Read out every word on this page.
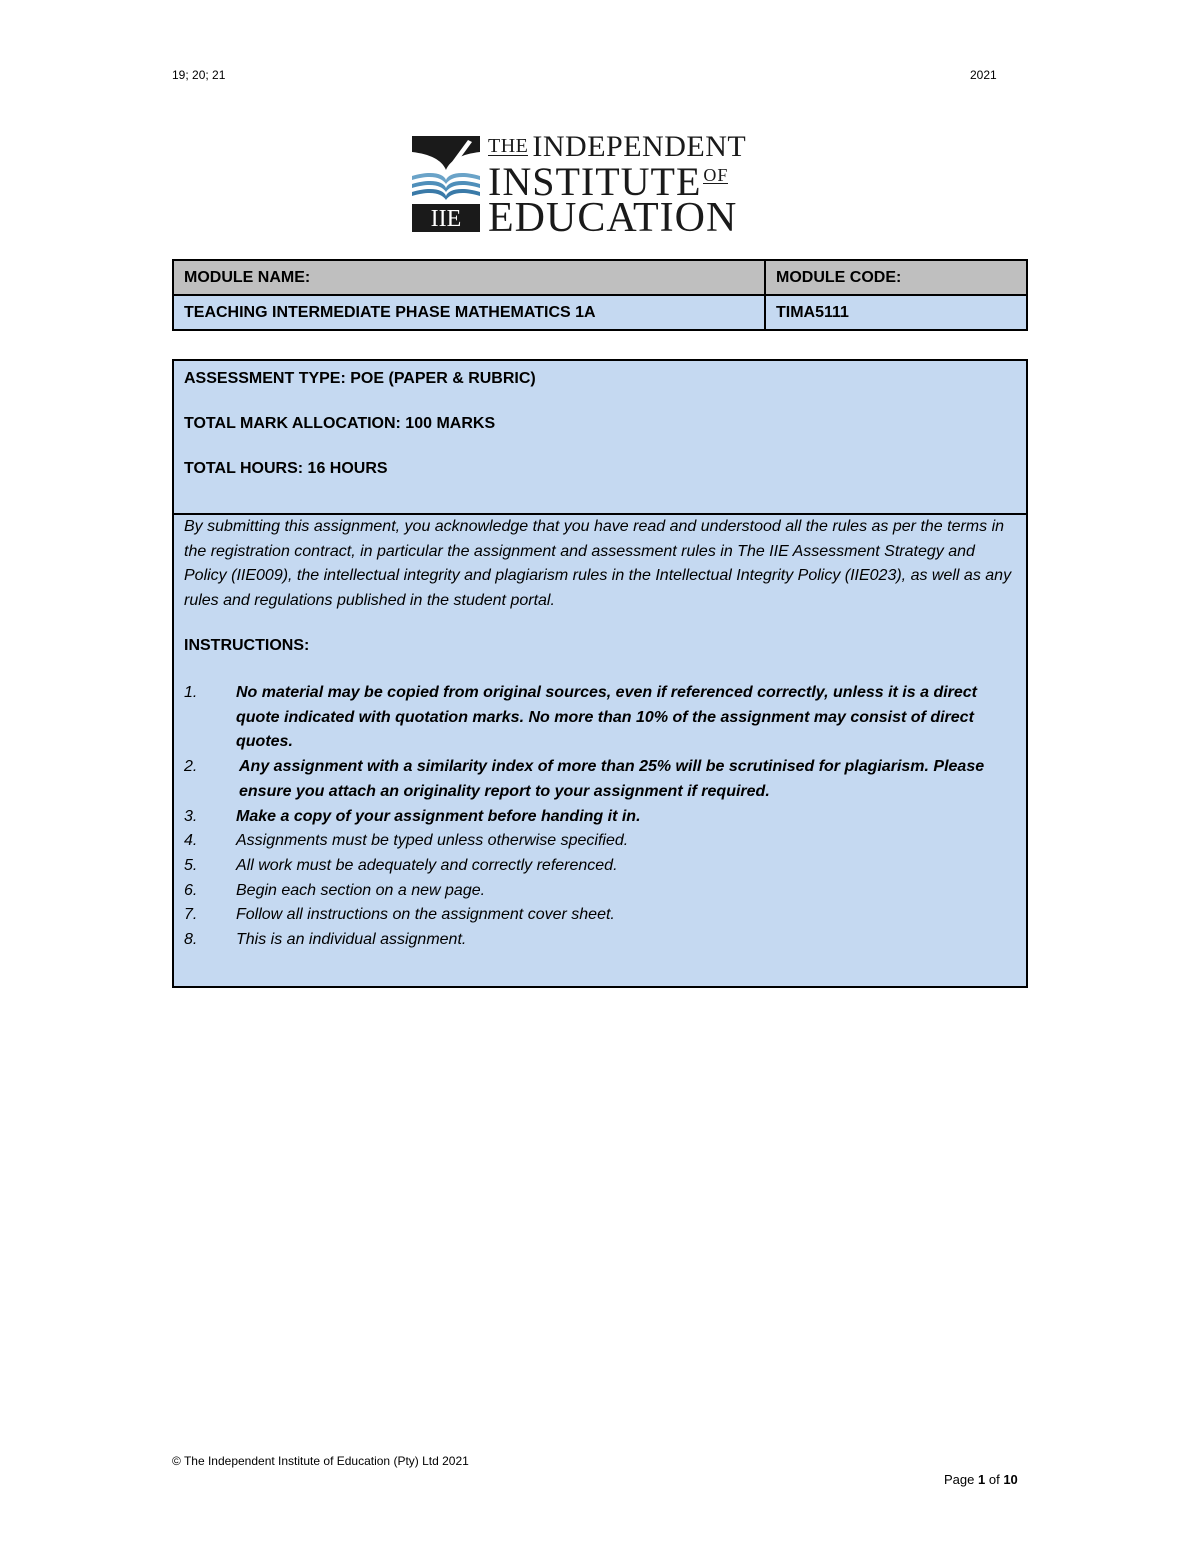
19; 20; 21	2021
IIE
THE INDEPENDENT
INSTITUTE OF
EDUCATION
MODULE NAME:	MODULE CODE:
TEACHING INTERMEDIATE PHASE MATHEMATICS 1A	TIMA5111

ASSESSMENT TYPE: POE (PAPER & RUBRIC)

TOTAL MARK ALLOCATION: 100 MARKS

TOTAL HOURS: 16 HOURS

By submitting this assignment, you acknowledge that you have read and understood all the rules as per the terms in the registration contract, in particular the assignment and assessment rules in The IIE Assessment Strategy and Policy (IIE009), the intellectual integrity and plagiarism rules in the Intellectual Integrity Policy (IIE023), as well as any rules and regulations published in the student portal.

INSTRUCTIONS:
1. No material may be copied from original sources, even if referenced correctly, unless it is a direct quote indicated with quotation marks. No more than 10% of the assignment may consist of direct quotes.
2.	Any assignment with a similarity index of more than 25% will be scrutinised for plagiarism. Please ensure you attach an originality report to your assignment if required.
3. Make a copy of your assignment before handing it in.
4. Assignments must be typed unless otherwise specified.
5. All work must be adequately and correctly referenced.
6. Begin each section on a new page.
7. Follow all instructions on the assignment cover sheet.
8. This is an individual assignment.
© The Independent Institute of Education (Pty) Ltd 2021
Page 1 of 10
